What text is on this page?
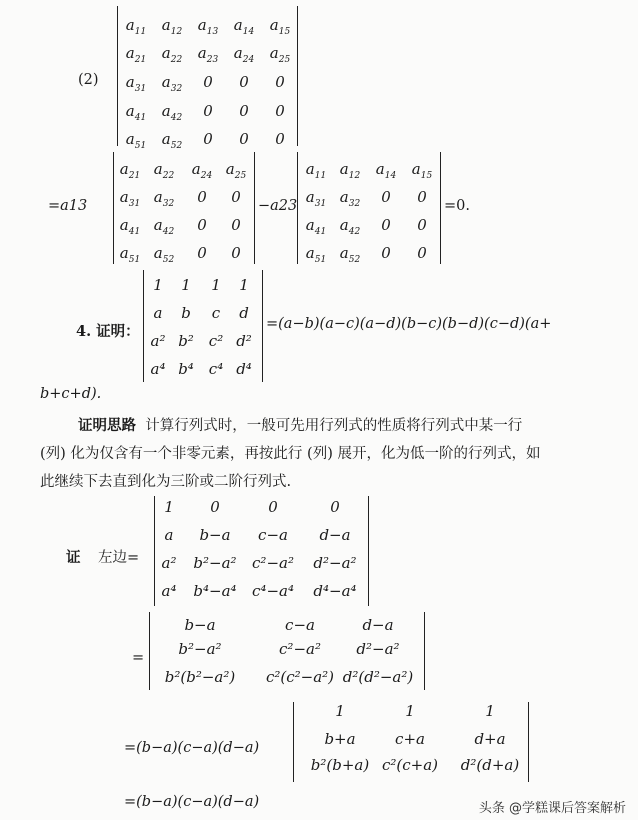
(2)
$a_{11}$ $a_{12}$ $a_{13}$ $a_{14}$ $a_{15}$
$a_{21}$ $a_{22}$ $a_{23}$ $a_{24}$ $a_{25}$
$a_{31}$ $a_{32}$ 0 0 0
$a_{41}$ $a_{42}$ 0 0 0
$a_{51}$ $a_{52}$ 0 0 0
=a13
$a_{21}$ $a_{22}$ $a_{24}$ $a_{25}$
$a_{31}$ $a_{32}$ 0 0
$a_{41}$ $a_{42}$ 0 0
$a_{51}$ $a_{52}$ 0 0
−a23
$a_{11}$ $a_{12}$ $a_{14}$ $a_{15}$
$a_{31}$ $a_{32}$ 0 0
$a_{41}$ $a_{42}$ 0 0
$a_{51}$ $a_{52}$ 0 0
=0.
4. 证明：
1 1 1 1
a b c d
a² b² c² d²
a⁴ b⁴ c⁴ d⁴
=(a−b)(a−c)(a−d)(b−c)(b−d)(c−d)(a+
b+c+d).
证明思路 计算行列式时，一般可先用行列式的性质将行列式中某一行
(列) 化为仅含有一个非零元素，再按此行 (列) 展开，化为低一阶的行列式，如
此继续下去直到化为三阶或二阶行列式.
证 左边=
1 0	0	0
a b−a c−a d−a
a² b²−a² c²−a² d²−a²
a⁴ b⁴−a⁴ c⁴−a⁴ d⁴−a⁴
=
b−a	c−a	d−a
b²−a²	c²−a² d²−a²
b²(b²−a²) c²(c²−a²) d²(d²−a²)
=(b−a)(c−a)(d−a)
1	1	1
b+a	c+a	d+a
b²(b+a) c²(c+a) d²(d+a)
=(b−a)(c−a)(d−a)	头条 @学糕课后答案解析
